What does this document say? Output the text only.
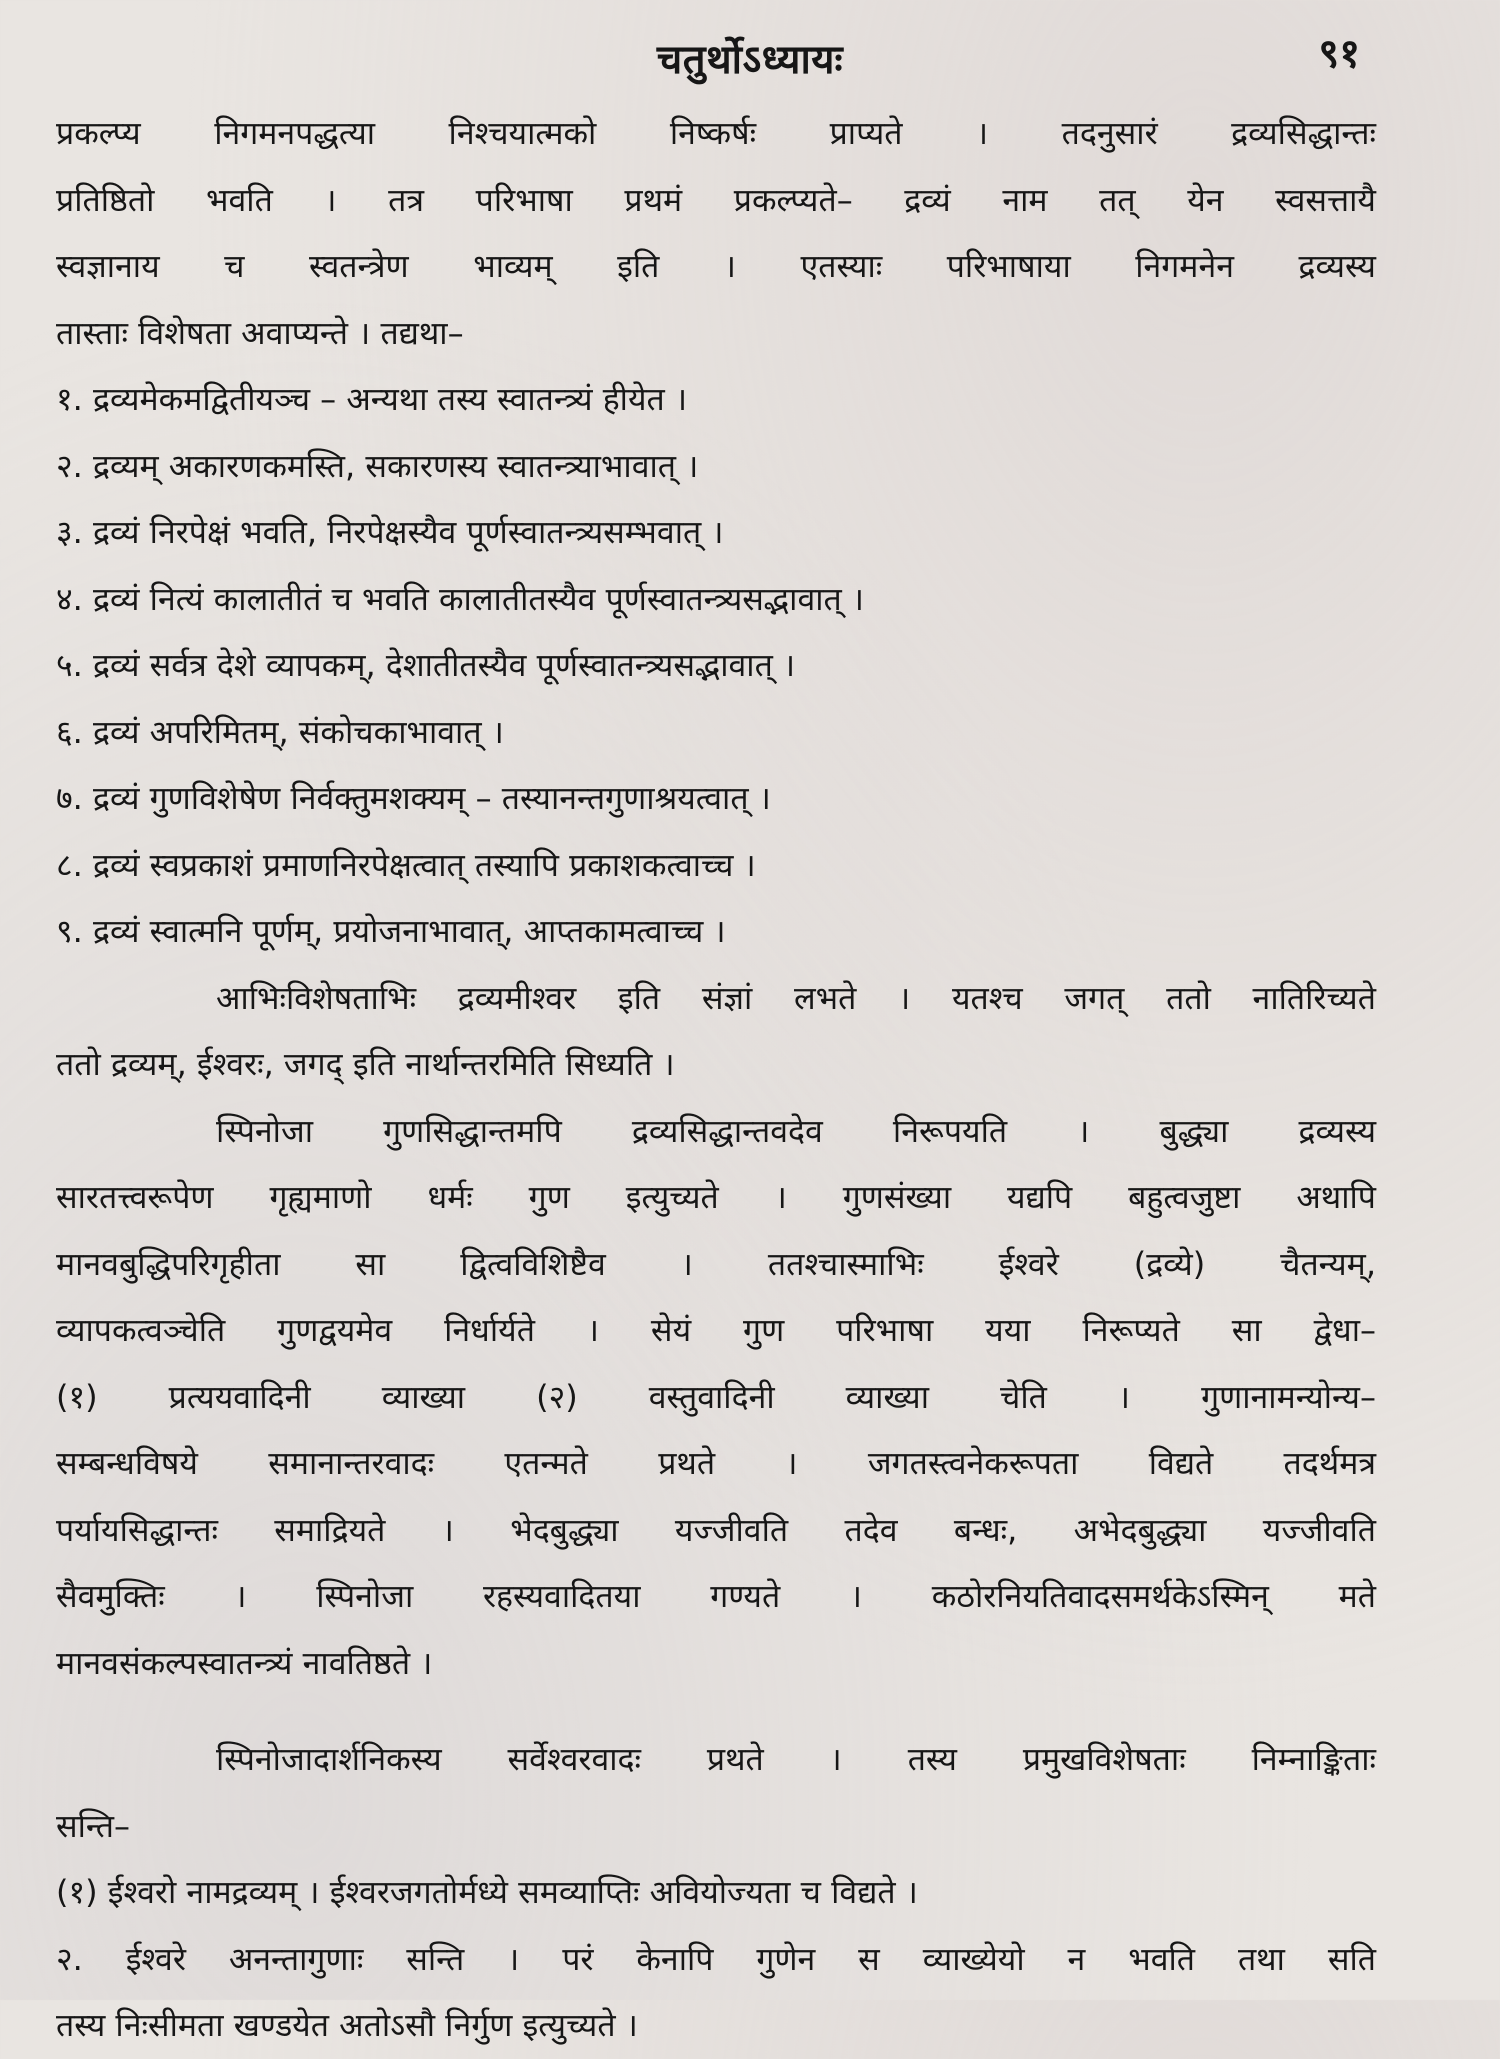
चतुर्थोऽध्यायः	९१
प्रकल्प्य निगमनपद्धत्या निश्चयात्मको निष्कर्षः प्राप्यते । तदनुसारं द्रव्यसिद्धान्तः
प्रतिष्ठितो भवति । तत्र परिभाषा प्रथमं प्रकल्प्यते– द्रव्यं नाम तत् येन स्वसत्तायै
स्वज्ञानाय च स्वतन्त्रेण भाव्यम् इति । एतस्याः परिभाषाया निगमनेन द्रव्यस्य
तास्ताः विशेषता अवाप्यन्ते । तद्यथा–
१. द्रव्यमेकमद्वितीयञ्च – अन्यथा तस्य स्वातन्त्र्यं हीयेत ।
२. द्रव्यम् अकारणकमस्ति, सकारणस्य स्वातन्त्र्याभावात् ।
३. द्रव्यं निरपेक्षं भवति, निरपेक्षस्यैव पूर्णस्वातन्त्र्यसम्भवात् ।
४. द्रव्यं नित्यं कालातीतं च भवति कालातीतस्यैव पूर्णस्वातन्त्र्यसद्भावात् ।
५. द्रव्यं सर्वत्र देशे व्यापकम्, देशातीतस्यैव पूर्णस्वातन्त्र्यसद्भावात् ।
६. द्रव्यं अपरिमितम्, संकोचकाभावात् ।
७. द्रव्यं गुणविशेषेण निर्वक्तुमशक्यम् – तस्यानन्तगुणाश्रयत्वात् ।
८. द्रव्यं स्वप्रकाशं प्रमाणनिरपेक्षत्वात् तस्यापि प्रकाशकत्वाच्च ।
९. द्रव्यं स्वात्मनि पूर्णम्, प्रयोजनाभावात्, आप्तकामत्वाच्च ।
आभिःविशेषताभिः द्रव्यमीश्वर इति संज्ञां लभते । यतश्च जगत् ततो नातिरिच्यते
ततो द्रव्यम्, ईश्वरः, जगद् इति नार्थान्तरमिति सिध्यति ।
स्पिनोजा गुणसिद्धान्तमपि द्रव्यसिद्धान्तवदेव निरूपयति । बुद्ध्या द्रव्यस्य
सारतत्त्वरूपेण गृह्यमाणो धर्मः गुण इत्युच्यते । गुणसंख्या यद्यपि बहुत्वजुष्टा अथापि
मानवबुद्धिपरिगृहीता सा द्वित्वविशिष्टैव । ततश्चास्माभिः ईश्वरे (द्रव्ये) चैतन्यम्,
व्यापकत्वञ्चेति गुणद्वयमेव निर्धार्यते । सेयं गुण परिभाषा यया निरूप्यते सा द्वेधा–
(१) प्रत्ययवादिनी व्याख्या (२) वस्तुवादिनी व्याख्या चेति । गुणानामन्योन्य–
सम्बन्धविषये समानान्तरवादः एतन्मते प्रथते । जगतस्त्वनेकरूपता विद्यते तदर्थमत्र
पर्यायसिद्धान्तः समाद्रियते । भेदबुद्ध्या यज्जीवति तदेव बन्धः, अभेदबुद्ध्या यज्जीवति
सैवमुक्तिः । स्पिनोजा रहस्यवादितया गण्यते । कठोरनियतिवादसमर्थकेऽस्मिन् मते
मानवसंकल्पस्वातन्त्र्यं नावतिष्ठते ।
स्पिनोजादार्शनिकस्य सर्वेश्वरवादः प्रथते । तस्य प्रमुखविशेषताः निम्नाङ्किताः
सन्ति–
(१) ईश्वरो नामद्रव्यम् । ईश्वरजगतोर्मध्ये समव्याप्तिः अवियोज्यता च विद्यते ।
२. ईश्वरे अनन्तागुणाः सन्ति । परं केनापि गुणेन स व्याख्येयो न भवति तथा सति
तस्य निःसीमता खण्डयेत अतोऽसौ निर्गुण इत्युच्यते ।
